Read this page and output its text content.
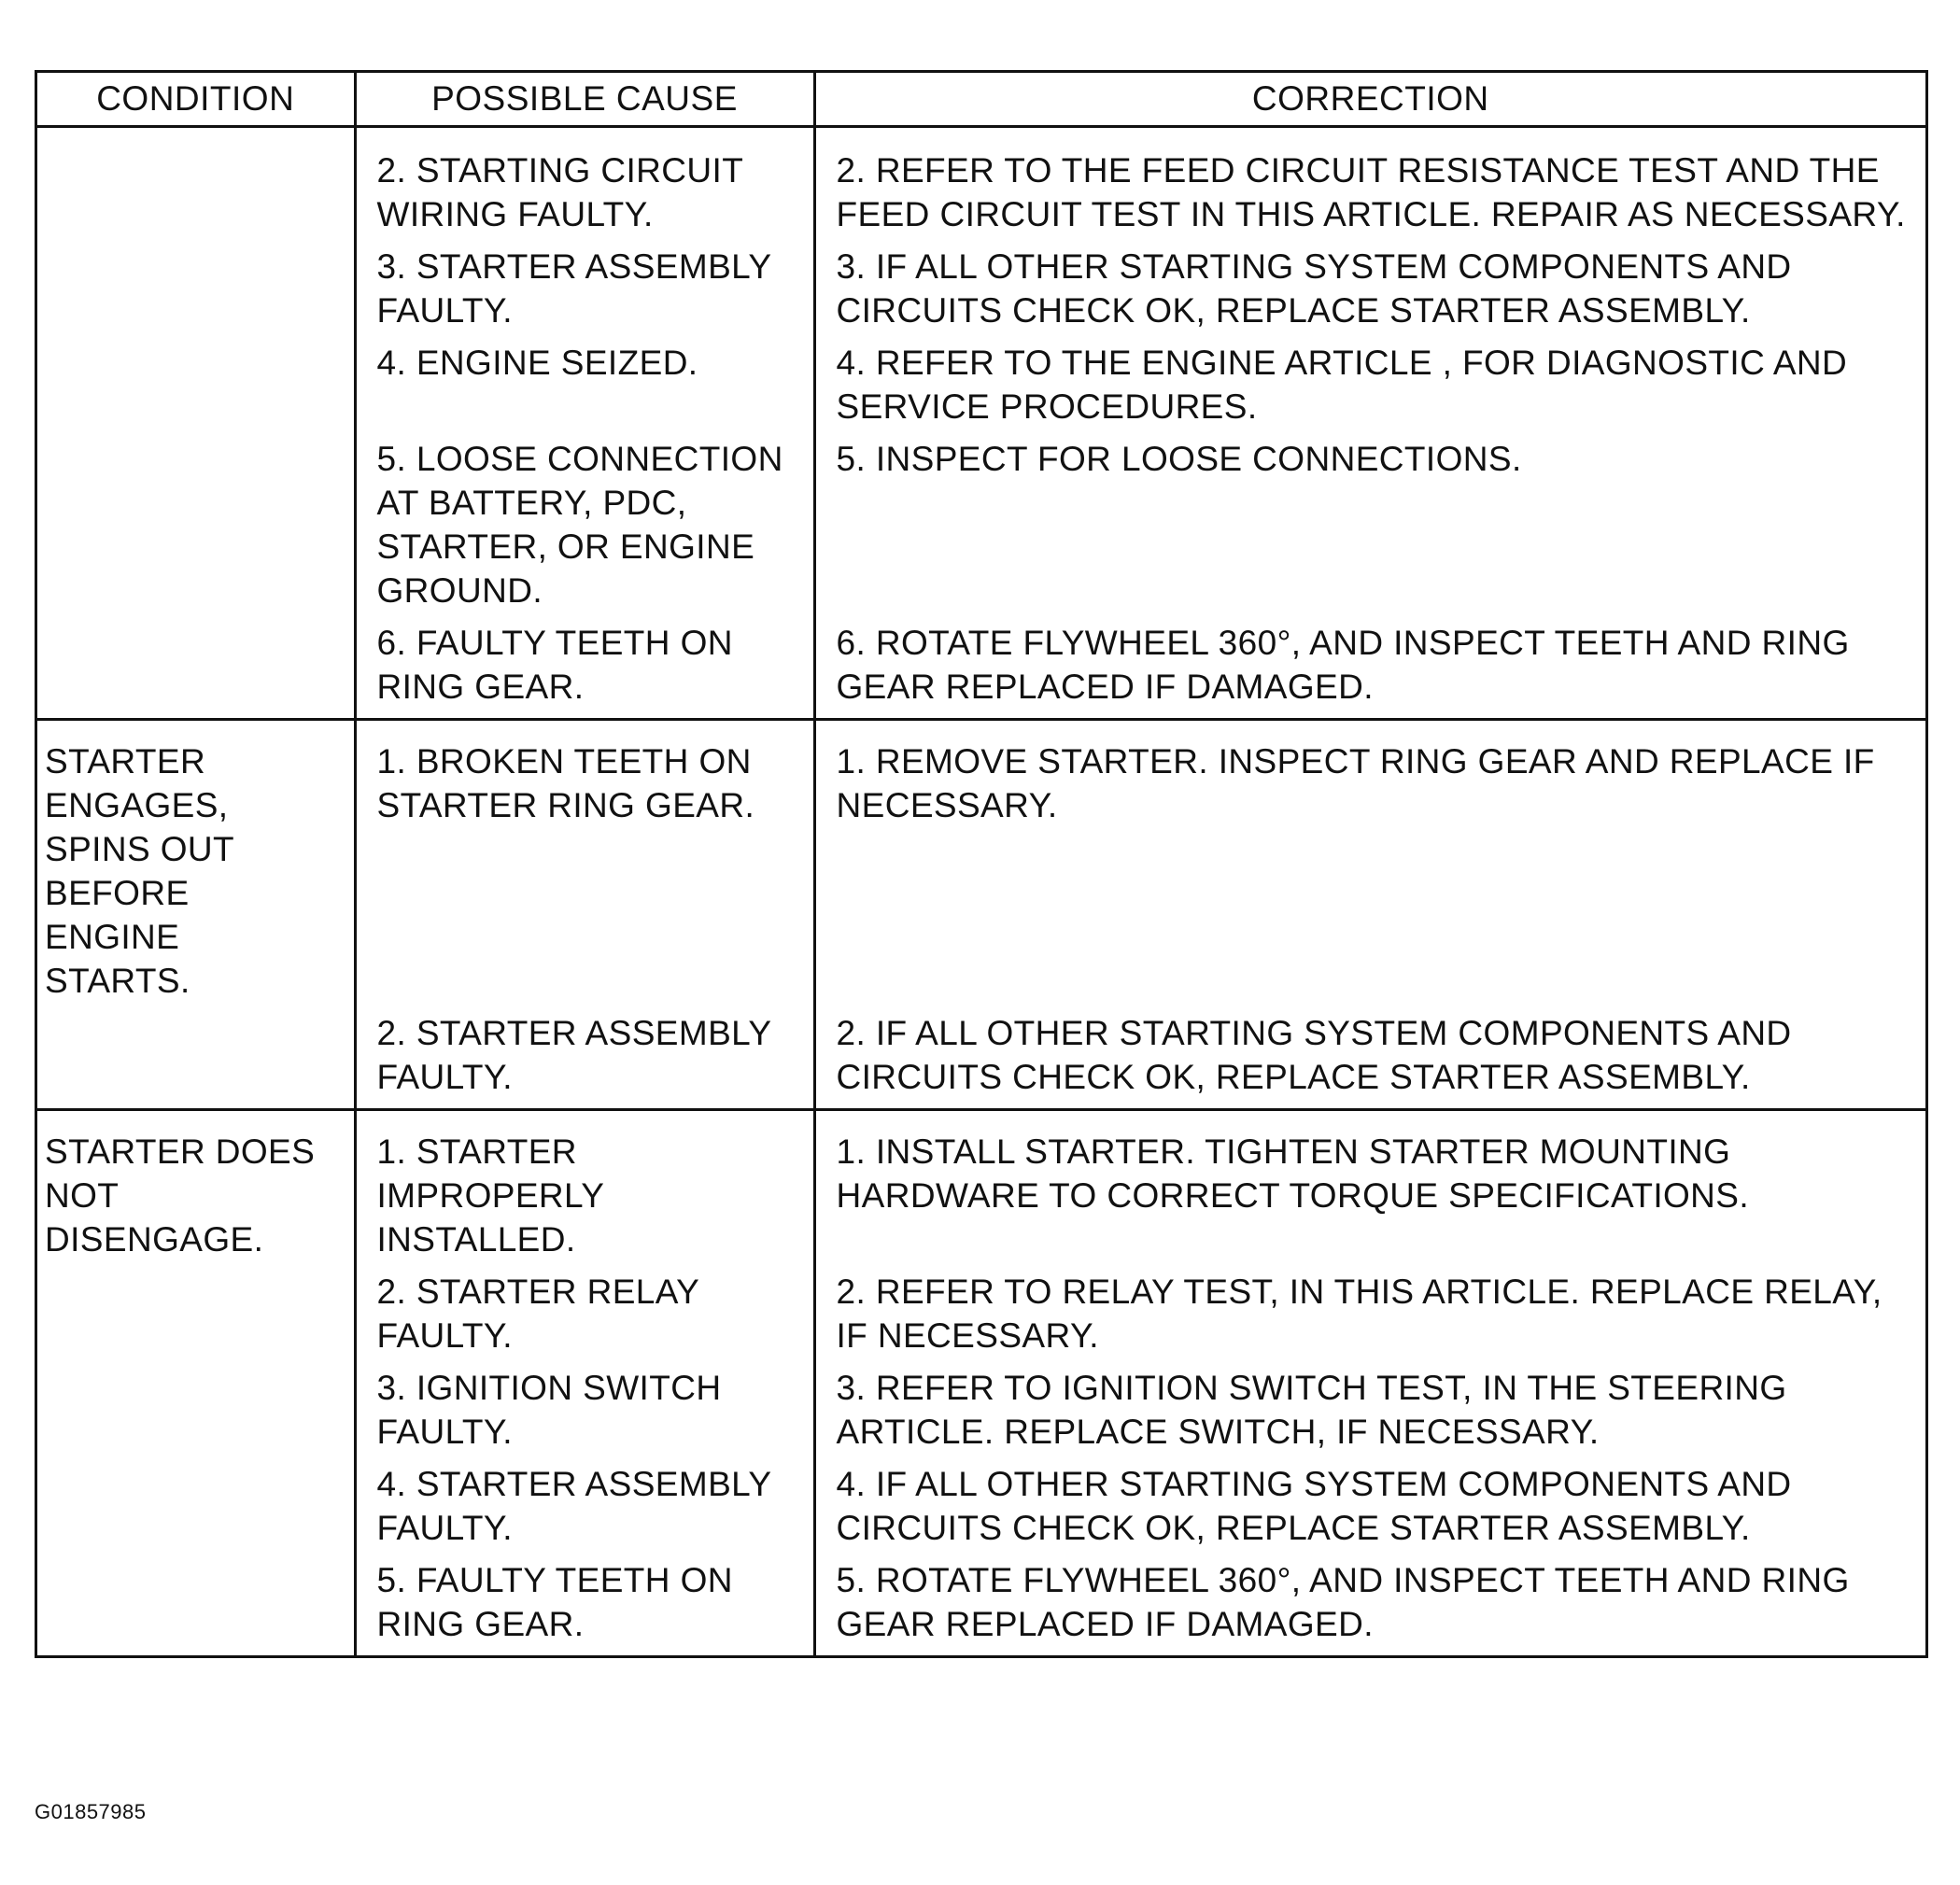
CONDITION	POSSIBLE CAUSE	CORRECTION
	2. STARTING CIRCUIT WIRING FAULTY.	2. REFER TO THE FEED CIRCUIT RESISTANCE TEST AND THE FEED CIRCUIT TEST IN THIS ARTICLE. REPAIR AS NECESSARY.
	3. STARTER ASSEMBLY FAULTY.	3. IF ALL OTHER STARTING SYSTEM COMPONENTS AND CIRCUITS CHECK OK, REPLACE STARTER ASSEMBLY.
	4. ENGINE SEIZED.	4. REFER TO THE ENGINE ARTICLE , FOR DIAGNOSTIC AND SERVICE PROCEDURES.
	5. LOOSE CONNECTION AT BATTERY, PDC, STARTER, OR ENGINE GROUND.	5. INSPECT FOR LOOSE CONNECTIONS.
	6. FAULTY TEETH ON RING GEAR.	6. ROTATE FLYWHEEL 360°, AND INSPECT TEETH AND RING GEAR REPLACED IF DAMAGED.
STARTER ENGAGES, SPINS OUT BEFORE ENGINE STARTS.	1. BROKEN TEETH ON STARTER RING GEAR.	1. REMOVE STARTER. INSPECT RING GEAR AND REPLACE IF NECESSARY.
	2. STARTER ASSEMBLY FAULTY.	2. IF ALL OTHER STARTING SYSTEM COMPONENTS AND CIRCUITS CHECK OK, REPLACE STARTER ASSEMBLY.
STARTER DOES NOT DISENGAGE.	1. STARTER IMPROPERLY INSTALLED.	1. INSTALL STARTER. TIGHTEN STARTER MOUNTING HARDWARE TO CORRECT TORQUE SPECIFICATIONS.
	2. STARTER RELAY FAULTY.	2. REFER TO RELAY TEST, IN THIS ARTICLE. REPLACE RELAY, IF NECESSARY.
	3. IGNITION SWITCH FAULTY.	3. REFER TO IGNITION SWITCH TEST, IN THE STEERING ARTICLE. REPLACE SWITCH, IF NECESSARY.
	4. STARTER ASSEMBLY FAULTY.	4. IF ALL OTHER STARTING SYSTEM COMPONENTS AND CIRCUITS CHECK OK, REPLACE STARTER ASSEMBLY.
	5. FAULTY TEETH ON RING GEAR.	5. ROTATE FLYWHEEL 360°, AND INSPECT TEETH AND RING GEAR REPLACED IF DAMAGED.
G01857985
